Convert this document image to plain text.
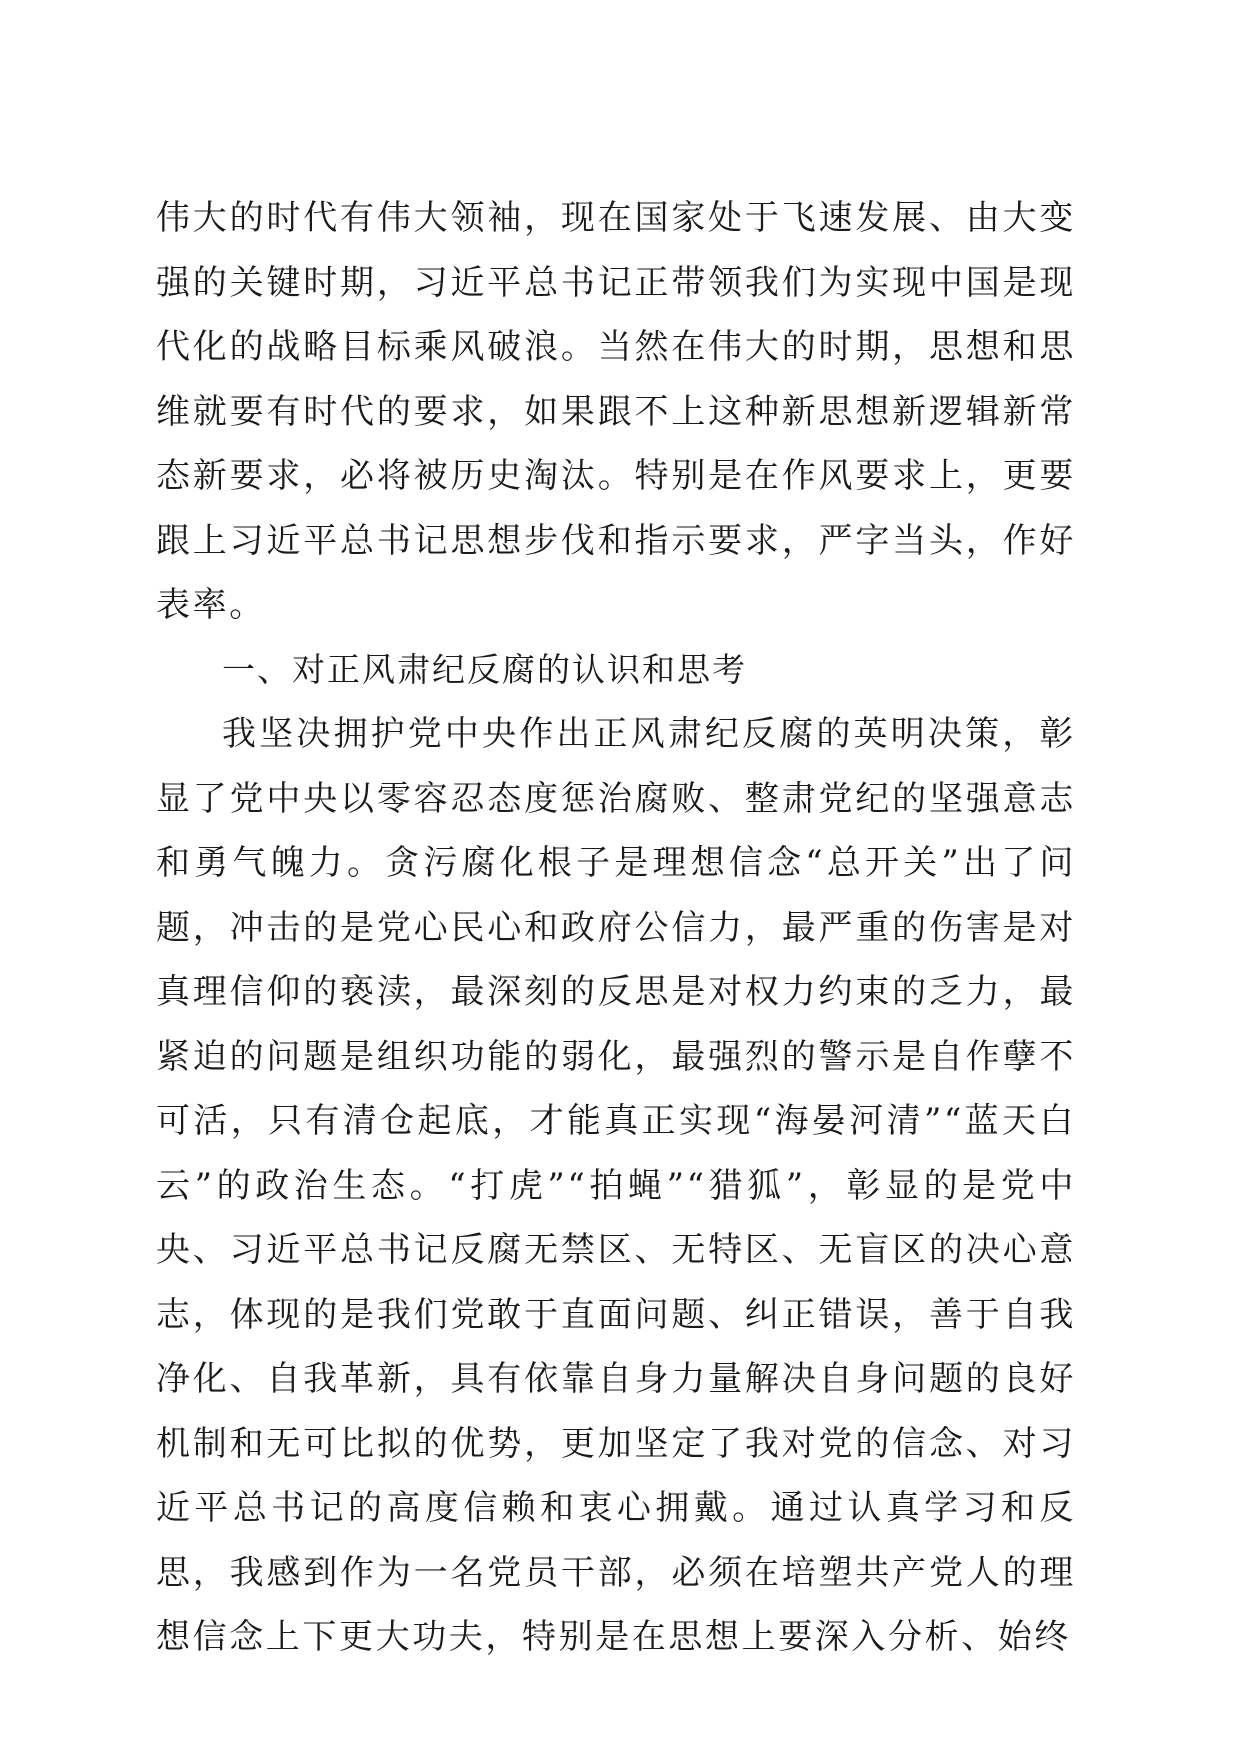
伟大的时代有伟大领袖，现在国家处于飞速发展、由大变强的关键时期，习近平总书记正带领我们为实现中国是现代化的战略目标乘风破浪。当然在伟大的时期，思想和思维就要有时代的要求，如果跟不上这种新思想新逻辑新常态新要求，必将被历史淘汰。特别是在作风要求上，更要跟上习近平总书记思想步伐和指示要求，严字当头，作好表率。

一、对正风肃纪反腐的认识和思考

我坚决拥护党中央作出正风肃纪反腐的英明决策，彰显了党中央以零容忍态度惩治腐败、整肃党纪的坚强意志和勇气魄力。贪污腐化根子是理想信念“总开关”出了问题，冲击的是党心民心和政府公信力，最严重的伤害是对真理信仰的亵渎，最深刻的反思是对权力约束的乏力，最紧迫的问题是组织功能的弱化，最强烈的警示是自作孽不可活，只有清仓起底，才能真正实现“海晏河清”“蓝天白云”的政治生态。“打虎”“拍蝇”“猎狐”，彰显的是党中央、习近平总书记反腐无禁区、无特区、无盲区的决心意志，体现的是我们党敢于直面问题、纠正错误，善于自我净化、自我革新，具有依靠自身力量解决自身问题的良好机制和无可比拟的优势，更加坚定了我对党的信念、对习近平总书记的高度信赖和衷心拥戴。通过认真学习和反思，我感到作为一名党员干部，必须在培塑共产党人的理想信念上下更大功夫，特别是在思想上要深入分析、始终
